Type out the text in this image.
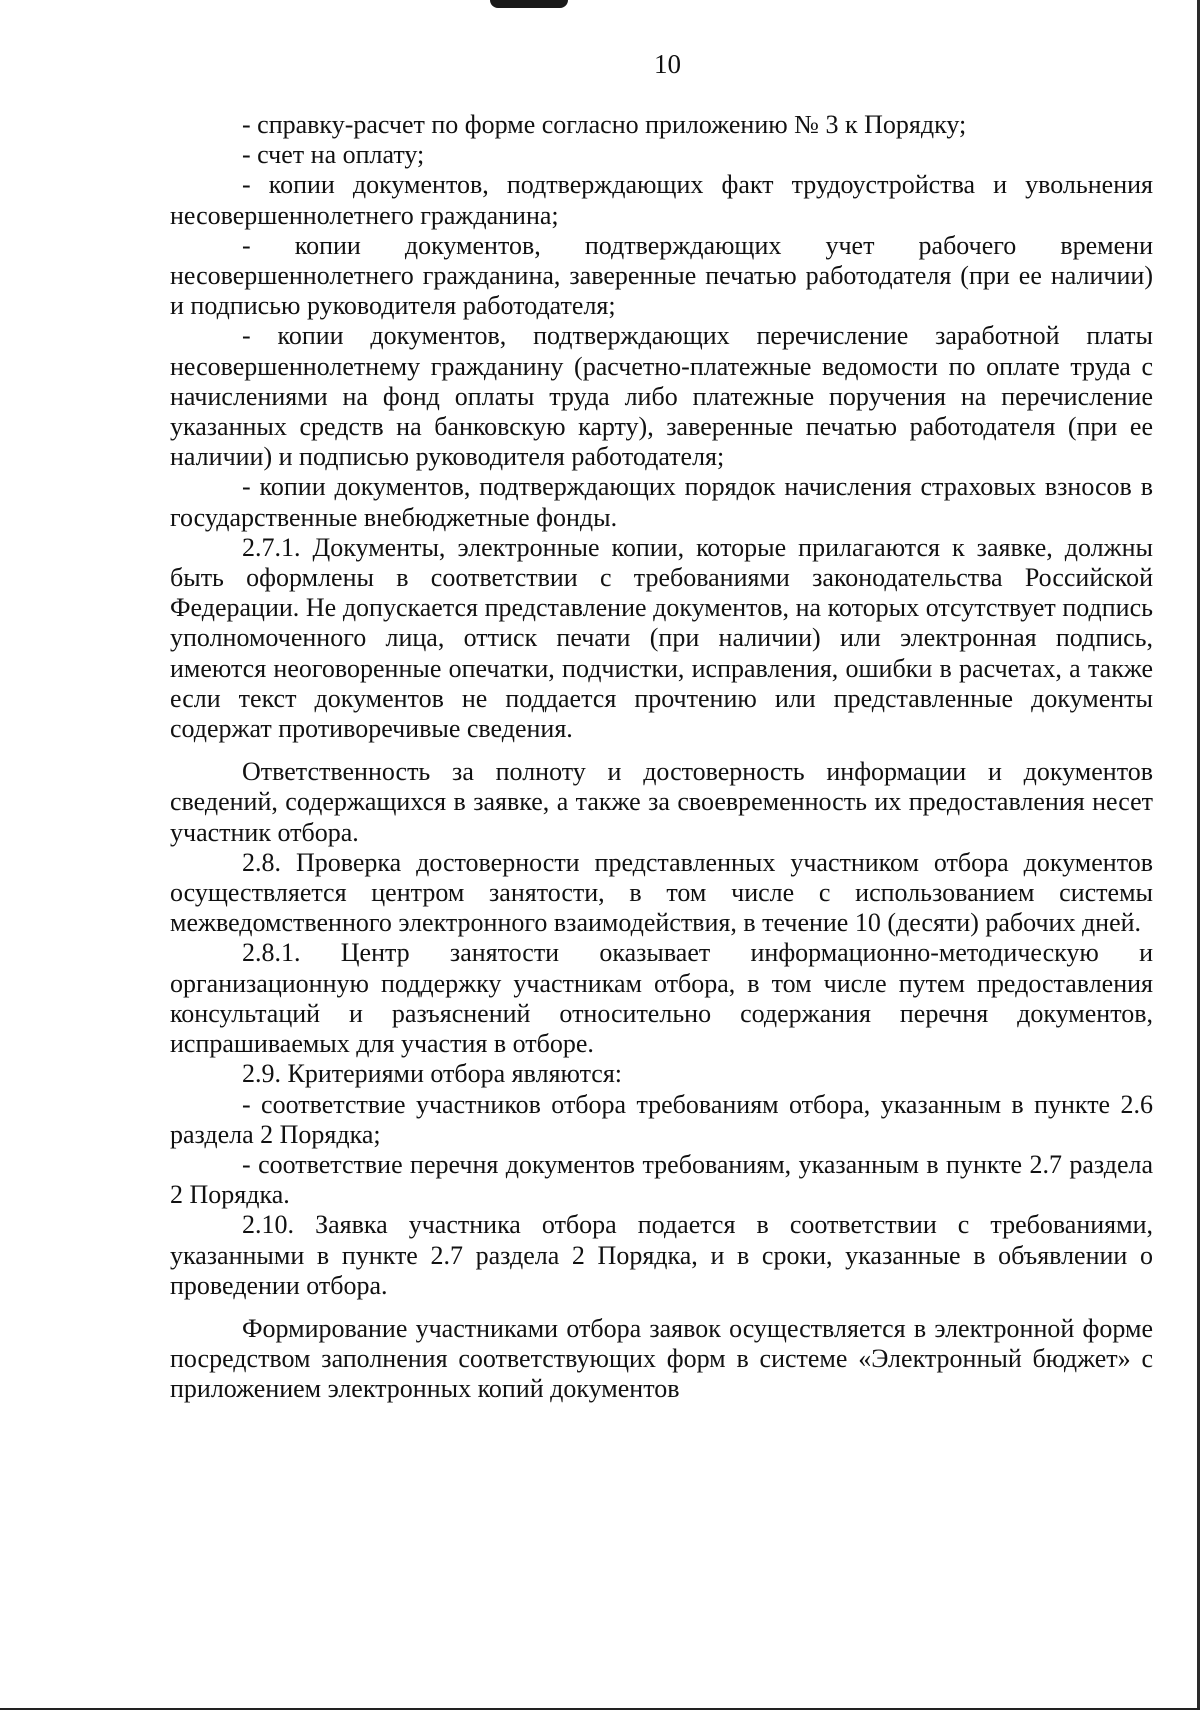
10

- справку-расчет по форме согласно приложению № 3 к Порядку;

- счет на оплату;

- копии документов, подтверждающих факт трудоустройства и увольнения несовершеннолетнего гражданина;

- копии документов, подтверждающих учет рабочего времени несовершеннолетнего гражданина, заверенные печатью работодателя (при ее наличии) и подписью руководителя работодателя;

- копии документов, подтверждающих перечисление заработной платы несовершеннолетнему гражданину (расчетно-платежные ведомости по оплате труда с начислениями на фонд оплаты труда либо платежные поручения на перечисление указанных средств на банковскую карту), заверенные печатью работодателя (при ее наличии) и подписью руководителя работодателя;

- копии документов, подтверждающих порядок начисления страховых взносов в государственные внебюджетные фонды.

2.7.1. Документы, электронные копии, которые прилагаются к заявке, должны быть оформлены в соответствии с требованиями законодательства Российской Федерации. Не допускается представление документов, на которых отсутствует подпись уполномоченного лица, оттиск печати (при наличии) или электронная подпись, имеются неоговоренные опечатки, подчистки, исправления, ошибки в расчетах, а также если текст документов не поддается прочтению или представленные документы содержат противоречивые сведения.

Ответственность за полноту и достоверность информации и документов сведений, содержащихся в заявке, а также за своевременность их предоставления несет участник отбора.

2.8. Проверка достоверности представленных участником отбора документов осуществляется центром занятости, в том числе с использованием системы межведомственного электронного взаимодействия, в течение 10 (десяти) рабочих дней.

2.8.1. Центр занятости оказывает информационно-методическую и организационную поддержку участникам отбора, в том числе путем предоставления консультаций и разъяснений относительно содержания перечня документов, испрашиваемых для участия в отборе.

2.9. Критериями отбора являются:

- соответствие участников отбора требованиям отбора, указанным в пункте 2.6 раздела 2 Порядка;

- соответствие перечня документов требованиям, указанным в пункте 2.7 раздела 2 Порядка.

2.10. Заявка участника отбора подается в соответствии с требованиями, указанными в пункте 2.7 раздела 2 Порядка, и в сроки, указанные в объявлении о проведении отбора.

Формирование участниками отбора заявок осуществляется в электронной форме посредством заполнения соответствующих форм в системе «Электронный бюджет» с приложением электронных копий документов
